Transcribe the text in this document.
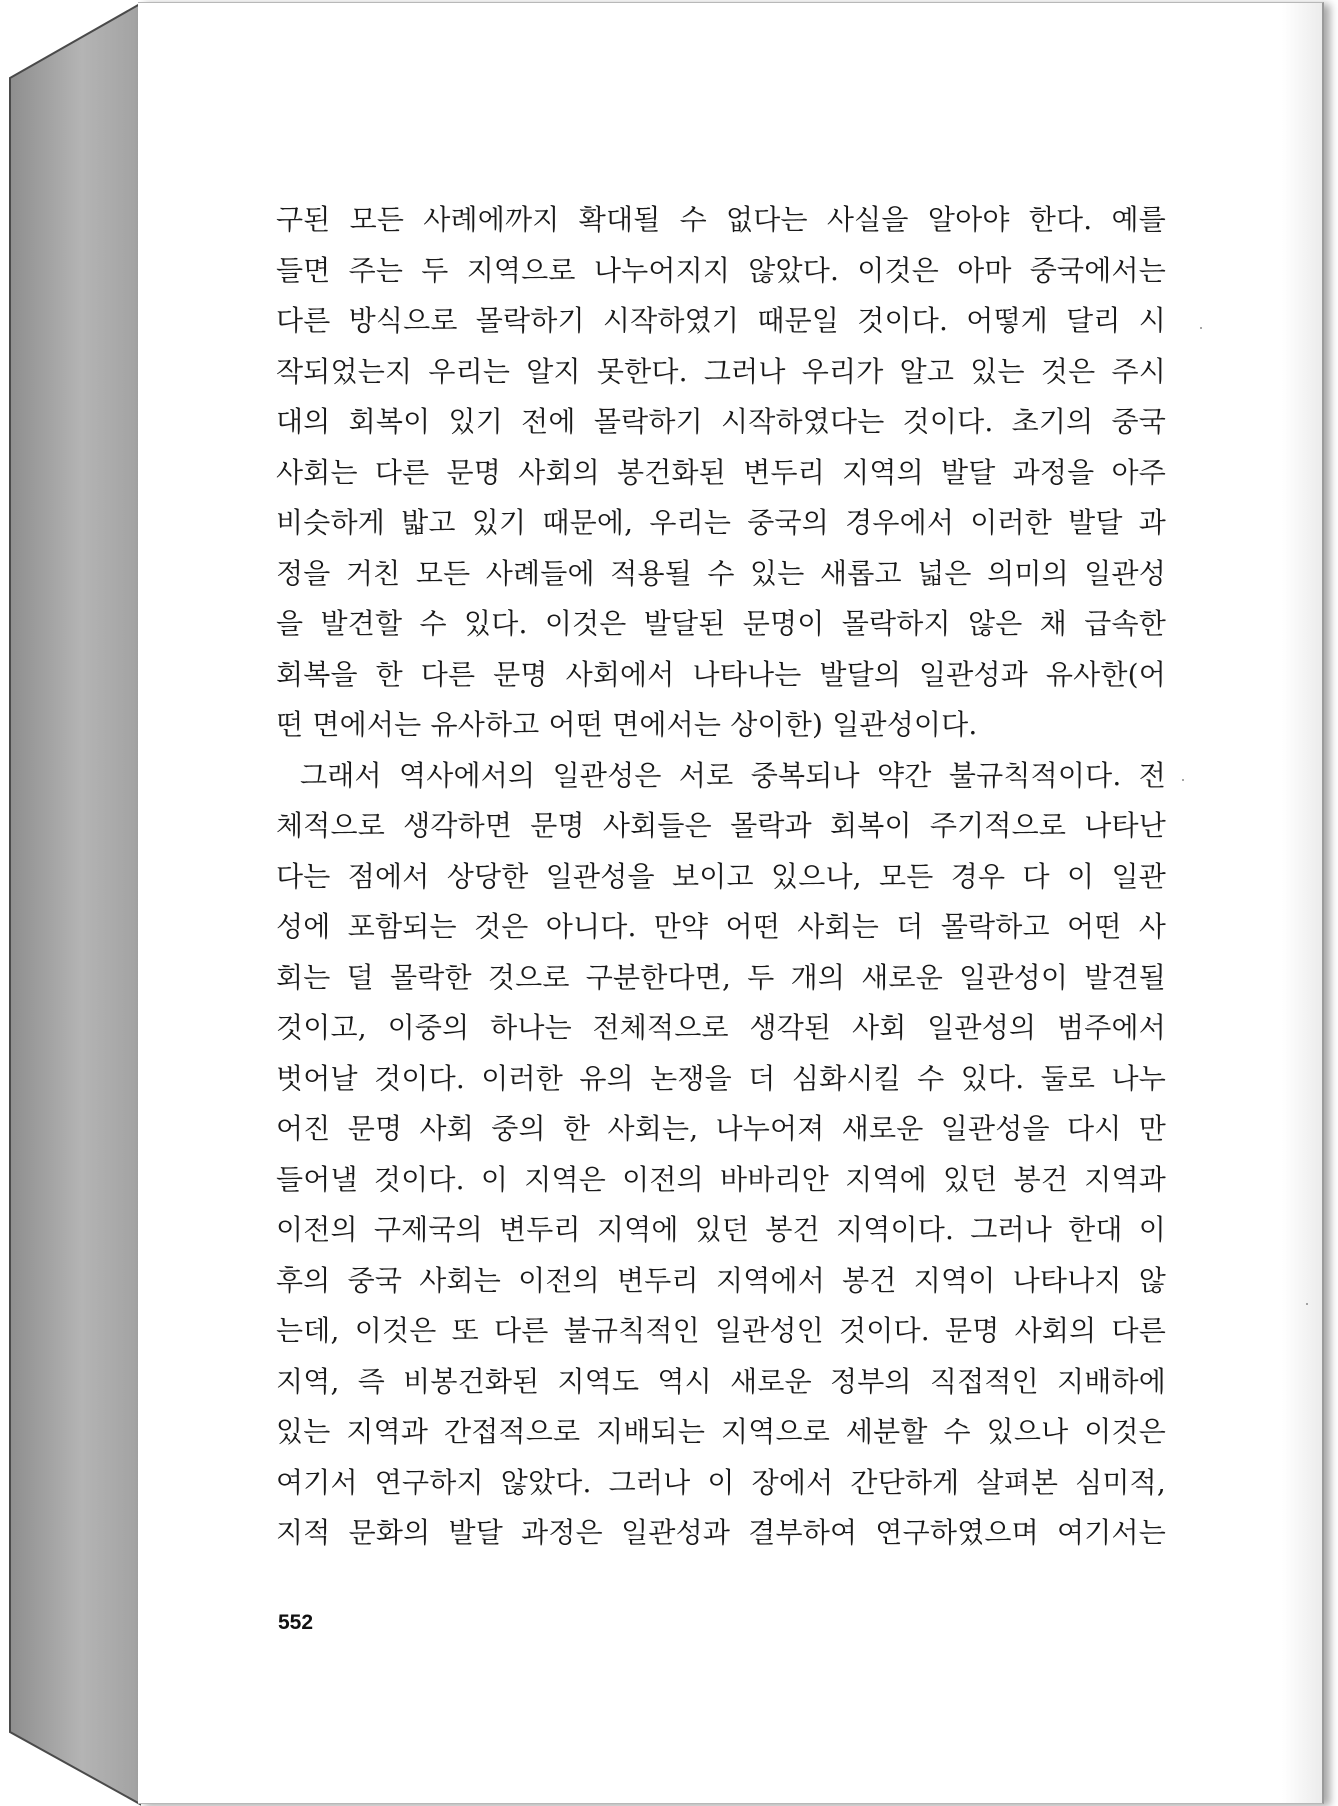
구된 모든 사례에까지 확대될 수 없다는 사실을 알아야 한다. 예를
들면 주는 두 지역으로 나누어지지 않았다. 이것은 아마 중국에서는
다른 방식으로 몰락하기 시작하였기 때문일 것이다. 어떻게 달리 시
작되었는지 우리는 알지 못한다. 그러나 우리가 알고 있는 것은 주시
대의 회복이 있기 전에 몰락하기 시작하였다는 것이다. 초기의 중국
사회는 다른 문명 사회의 봉건화된 변두리 지역의 발달 과정을 아주
비슷하게 밟고 있기 때문에, 우리는 중국의 경우에서 이러한 발달 과
정을 거친 모든 사례들에 적용될 수 있는 새롭고 넓은 의미의 일관성
을 발견할 수 있다. 이것은 발달된 문명이 몰락하지 않은 채 급속한
회복을 한 다른 문명 사회에서 나타나는 발달의 일관성과 유사한(어
떤 면에서는 유사하고 어떤 면에서는 상이한) 일관성이다.
그래서 역사에서의 일관성은 서로 중복되나 약간 불규칙적이다. 전
체적으로 생각하면 문명 사회들은 몰락과 회복이 주기적으로 나타난
다는 점에서 상당한 일관성을 보이고 있으나, 모든 경우 다 이 일관
성에 포함되는 것은 아니다. 만약 어떤 사회는 더 몰락하고 어떤 사
회는 덜 몰락한 것으로 구분한다면, 두 개의 새로운 일관성이 발견될
것이고, 이중의 하나는 전체적으로 생각된 사회 일관성의 범주에서
벗어날 것이다. 이러한 유의 논쟁을 더 심화시킬 수 있다. 둘로 나누
어진 문명 사회 중의 한 사회는, 나누어져 새로운 일관성을 다시 만
들어낼 것이다. 이 지역은 이전의 바바리안 지역에 있던 봉건 지역과
이전의 구제국의 변두리 지역에 있던 봉건 지역이다. 그러나 한대 이
후의 중국 사회는 이전의 변두리 지역에서 봉건 지역이 나타나지 않
는데, 이것은 또 다른 불규칙적인 일관성인 것이다. 문명 사회의 다른
지역, 즉 비봉건화된 지역도 역시 새로운 정부의 직접적인 지배하에
있는 지역과 간접적으로 지배되는 지역으로 세분할 수 있으나 이것은
여기서 연구하지 않았다. 그러나 이 장에서 간단하게 살펴본 심미적,
지적 문화의 발달 과정은 일관성과 결부하여 연구하였으며 여기서는
552
